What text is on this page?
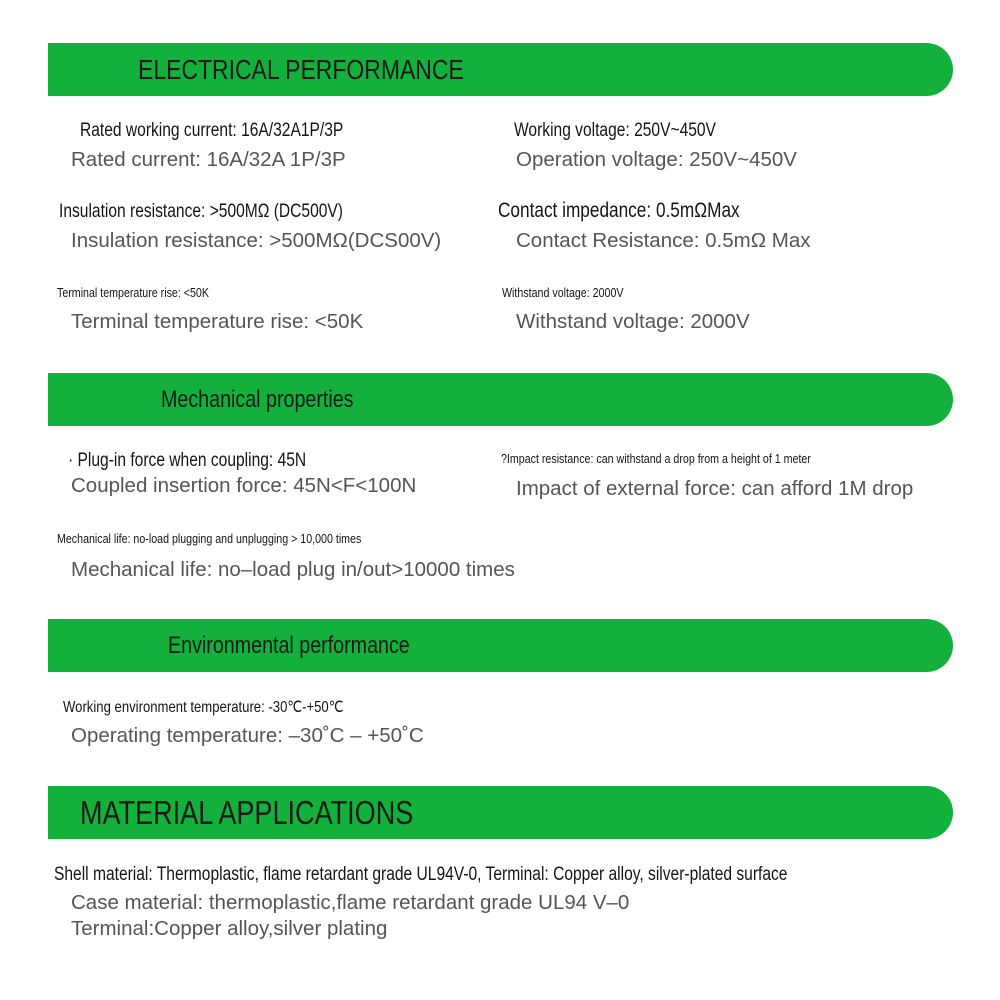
ELECTRICAL PERFORMANCE
Rated working current: 16A/32A1P/3P
Rated current: 16A/32A 1P/3P
Working voltage: 250V~450V
Operation voltage: 250V~450V
Insulation resistance: >500MΩ (DC500V)
Insulation resistance: >500MΩ(DCS00V)
Contact impedance: 0.5mΩMax
Contact Resistance: 0.5mΩ Max
Terminal temperature rise: <50K
Terminal temperature rise: <50K
Withstand voltage: 2000V
Withstand voltage: 2000V
Mechanical properties
· Plug-in force when coupling: 45N
Coupled insertion force: 45N<F<100N
?Impact resistance: can withstand a drop from a height of 1 meter
Impact of external force: can afford 1M drop
Mechanical life: no-load plugging and unplugging > 10,000 times
Mechanical life: no–load plug in/out>10000 times
Environmental performance
Working environment temperature: -30℃-+50℃
Operating temperature: –30˚C – +50˚C
MATERIAL APPLICATIONS
Shell material: Thermoplastic, flame retardant grade UL94V-0, Terminal: Copper alloy, silver-plated surface
Case material: thermoplastic,flame retardant grade UL94 V–0
Terminal:Copper alloy,silver plating
